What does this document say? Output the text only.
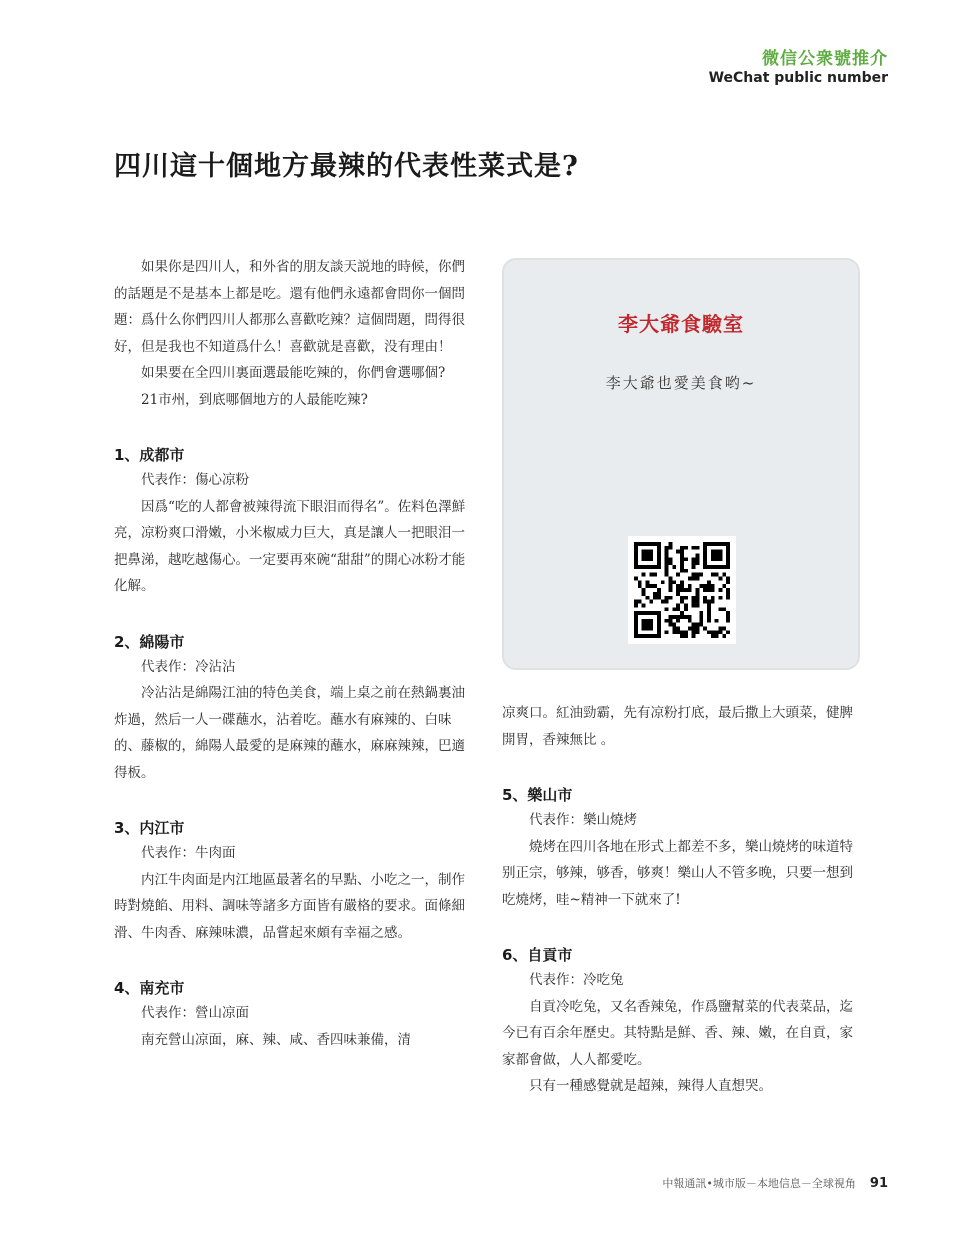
微信公衆號推介
WeChat public number
四川這十個地方最辣的代表性菜式是?

如果你是四川人，和外省的朋友談天説地的時候，你們的話題是不是基本上都是吃。還有他們永遠都會問你一個問題：爲什么你們四川人都那么喜歡吃辣？這個問題，問得很好，但是我也不知道爲什么！喜歡就是喜歡，没有理由！

如果要在全四川裏面選最能吃辣的，你們會選哪個?

21市州，到底哪個地方的人最能吃辣?

1、成都市

代表作：傷心凉粉

因爲“吃的人都會被辣得流下眼泪而得名”。佐料色澤鮮亮，凉粉爽口滑嫩，小米椒威力巨大，真是讓人一把眼泪一把鼻涕，越吃越傷心。一定要再來碗“甜甜”的開心冰粉才能化解。

2、綿陽市

代表作：冷沾沾

冷沾沾是綿陽江油的特色美食，端上桌之前在熱鍋裏油炸過，然后一人一碟蘸水，沾着吃。蘸水有麻辣的、白味的、藤椒的，綿陽人最愛的是麻辣的蘸水，麻麻辣辣，巴適得板。

3、内江市

代表作：牛肉面

内江牛肉面是内江地區最著名的早點、小吃之一，制作時對燒餡、用料、調味等諸多方面皆有嚴格的要求。面條細滑、牛肉香、麻辣味濃，品嘗起來頗有幸福之感。

4、南充市

代表作：營山凉面

南充營山凉面，麻、辣、咸、香四味兼備，清

李大爺食驗室
李大爺也愛美食哟~

凉爽口。紅油勁霸，先有凉粉打底，最后撒上大頭菜，健脾開胃，香辣無比 。

5、樂山市

代表作：樂山燒烤

燒烤在四川各地在形式上都差不多，樂山燒烤的味道特别正宗，够辣，够香，够爽！樂山人不管多晚，只要一想到吃燒烤，哇~精神一下就來了!

6、自貢市

代表作：冷吃兔

自貢冷吃兔，又名香辣兔，作爲鹽幫菜的代表菜品，迄今已有百余年歷史。其特點是鮮、香、辣、嫩，在自貢，家家都會做，人人都愛吃。

只有一種感覺就是超辣，辣得人直想哭。

中報通訊•城市版－本地信息－全球視角 91
